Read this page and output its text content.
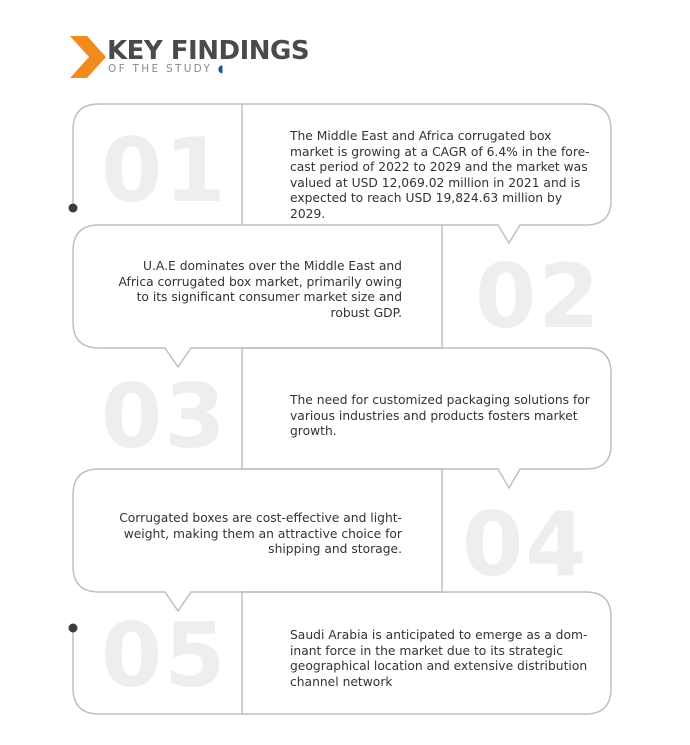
KEY FINDINGS
OF THE STUDY ◖
01	The Middle East and Africa corrugated box market is growing at a CAGR of 6.4% in the fore-cast period of 2022 to 2029 and the market was valued at USD 12,069.02 million in 2021 and is expected to reach USD 19,824.63 million by 2029.
U.A.E dominates over the Middle East and Africa corrugated box market, primarily owing to its significant consumer market size and robust GDP. 02
03	The need for customized packaging solutions for various industries and products fosters market growth.
Corrugated boxes are cost-effective and light-weight, making them an attractive choice for shipping and storage. 04
05	Saudi Arabia is anticipated to emerge as a dom-inant force in the market due to its strategic geographical location and extensive distribution channel network
